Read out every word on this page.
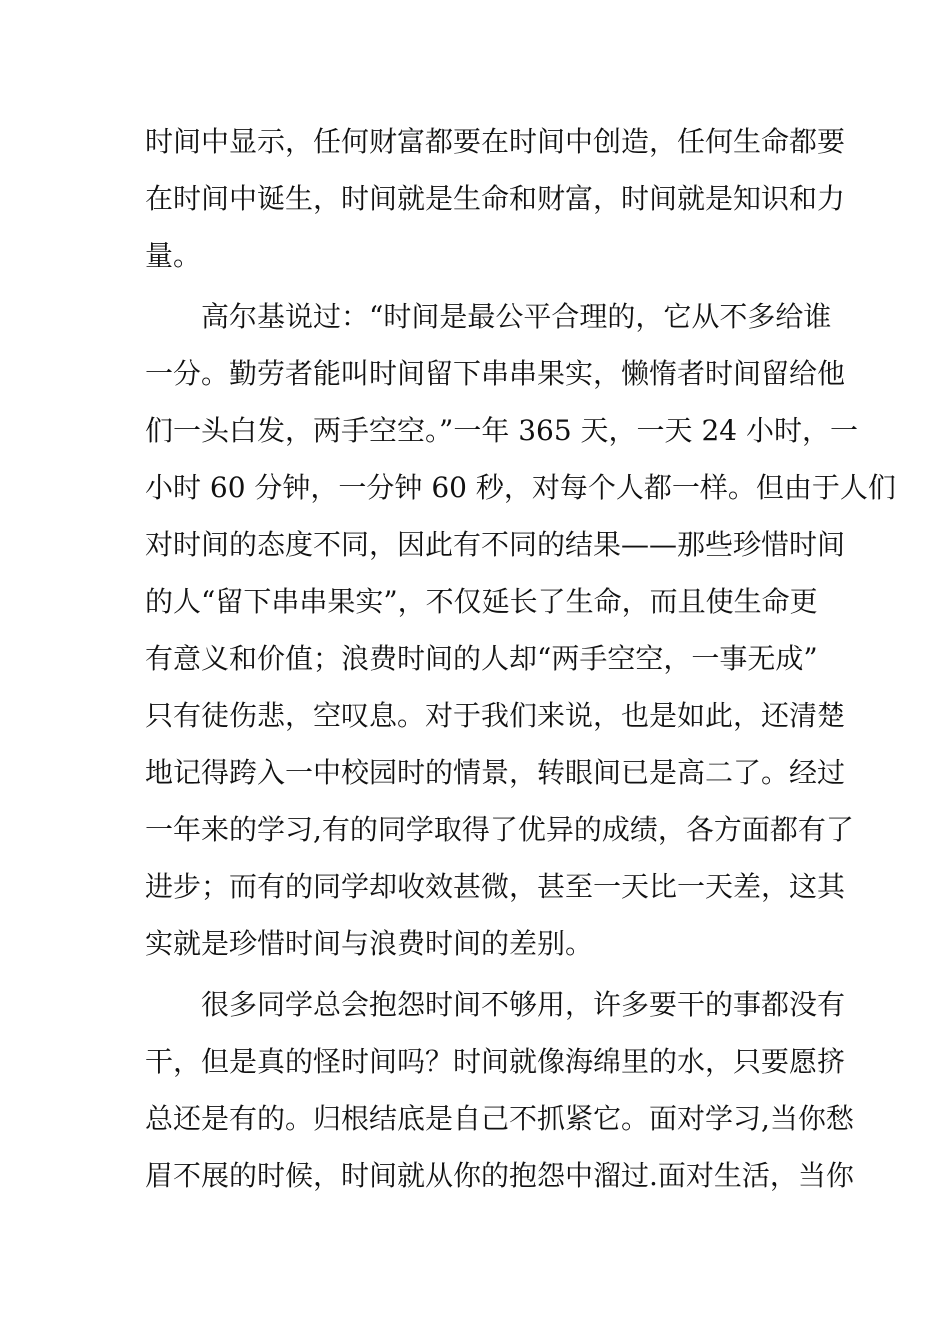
时间中显示，任何财富都要在时间中创造，任何生命都要
在时间中诞生，时间就是生命和财富，时间就是知识和力
量。
高尔基说过：“时间是最公平合理的，它从不多给谁
一分。勤劳者能叫时间留下串串果实，懒惰者时间留给他
们一头白发，两手空空。”一年 365 天，一天 24 小时，一
小时 60 分钟，一分钟 60 秒，对每个人都一样。但由于人们
对时间的态度不同，因此有不同的结果——那些珍惜时间
的人“留下串串果实”，不仅延长了生命，而且使生命更
有意义和价值；浪费时间的人却“两手空空，一事无成”
只有徒伤悲，空叹息。对于我们来说，也是如此，还清楚
地记得跨入一中校园时的情景，转眼间已是高二了。经过
一年来的学习,有的同学取得了优异的成绩，各方面都有了
进步；而有的同学却收效甚微，甚至一天比一天差，这其
实就是珍惜时间与浪费时间的差别。
很多同学总会抱怨时间不够用，许多要干的事都没有
干，但是真的怪时间吗？时间就像海绵里的水，只要愿挤
总还是有的。归根结底是自己不抓紧它。面对学习,当你愁
眉不展的时候，时间就从你的抱怨中溜过.面对生活，当你
